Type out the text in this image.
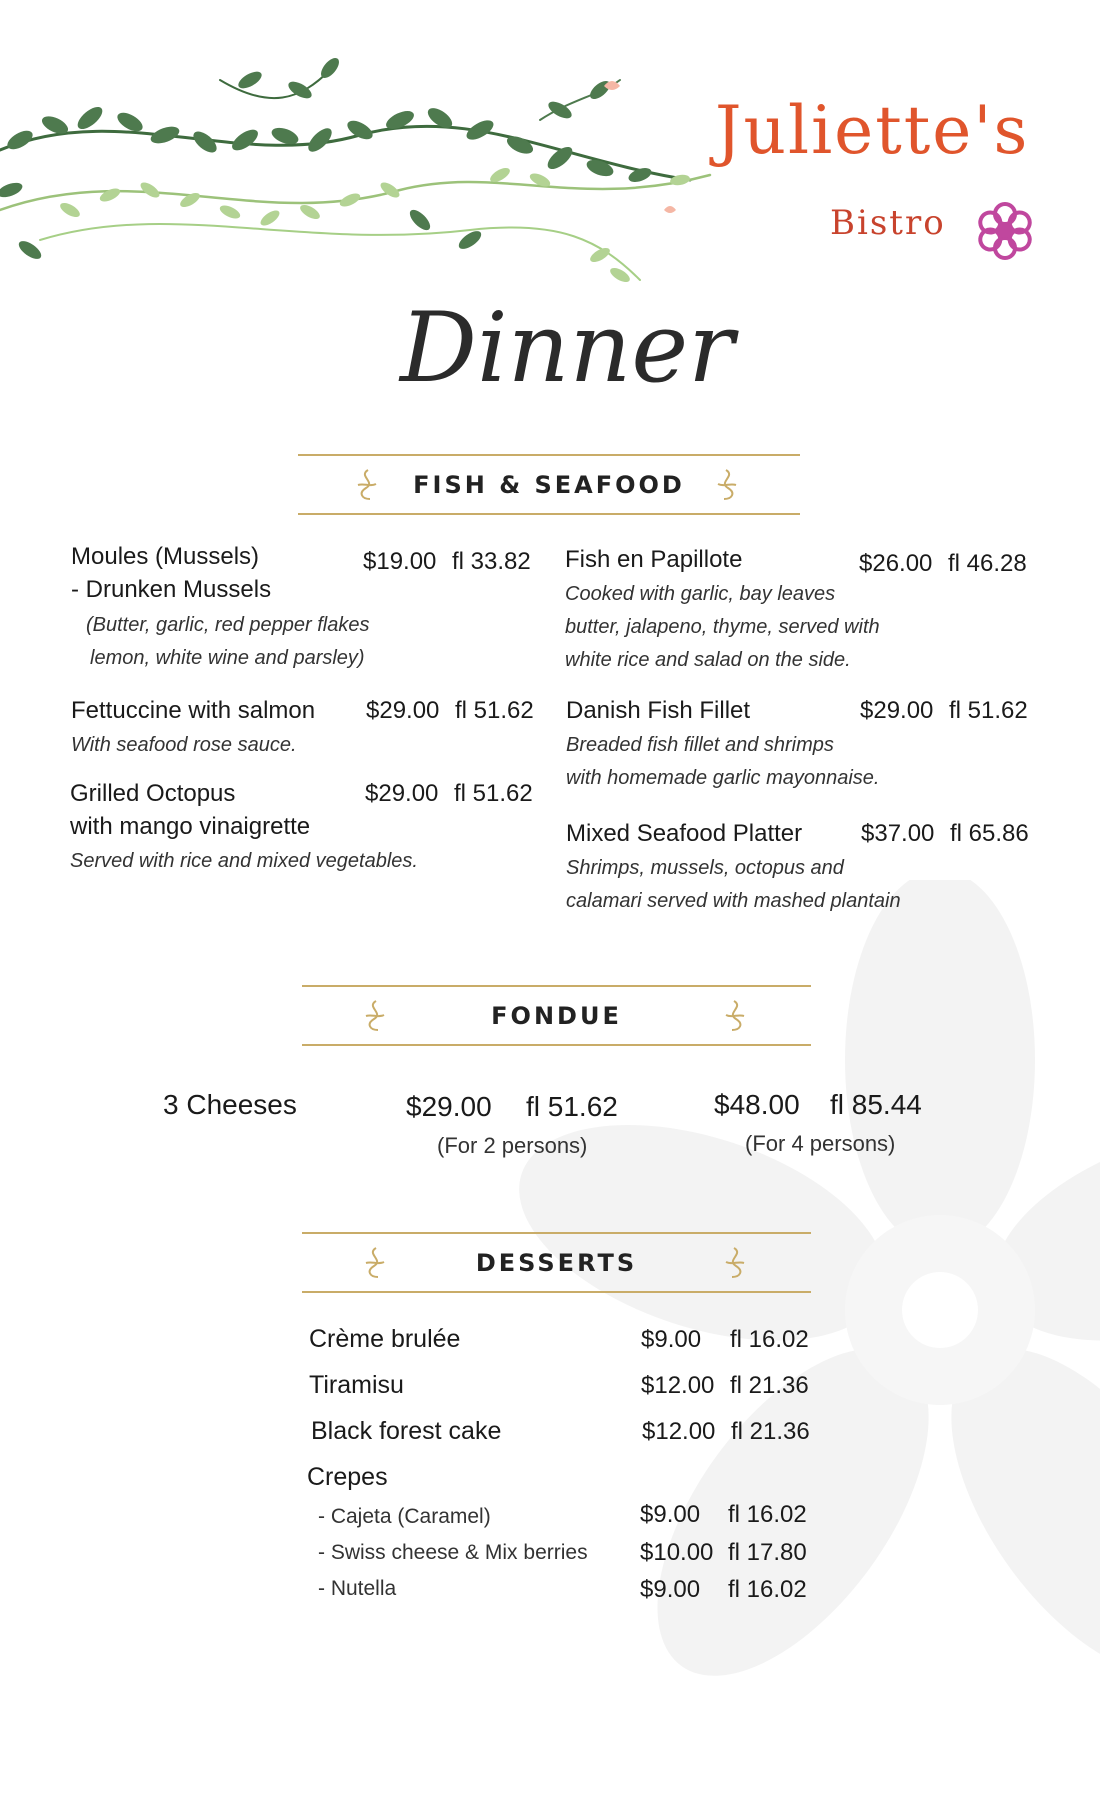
Juliette's
Bistro
Dinner
FISH & SEAFOOD
Moules (Mussels)
- Drunken Mussels
(Butter, garlic, red pepper flakes
lemon, white wine and parsley)
$19.00 fl 33.82
Fettuccine with salmon
With seafood rose sauce.
$29.00 fl 51.62
Grilled Octopus
with mango vinaigrette
Served with rice and mixed vegetables.
$29.00 fl 51.62
Fish en Papillote
Cooked with garlic, bay leaves
butter, jalapeno, thyme, served with
white rice and salad on the side.
$26.00 fl 46.28
Danish Fish Fillet
Breaded fish fillet and shrimps
with homemade garlic mayonnaise.
$29.00 fl 51.62
Mixed Seafood Platter
Shrimps, mussels, octopus and
calamari served with mashed plantain
$37.00 fl 65.86
FONDUE
3 Cheeses	$29.00 fl 51.62
(For 2 persons)
$48.00 fl 85.44
(For 4 persons)
DESSERTS
Crème brulée	$9.00 fl 16.02
Tiramisu	$12.00 fl 21.36
Black forest cake	$12.00 fl 21.36
Crepes
- Cajeta (Caramel)	$9.00 fl 16.02
- Swiss cheese & Mix berries $10.00 fl 17.80
- Nutella	$9.00 fl 16.02
